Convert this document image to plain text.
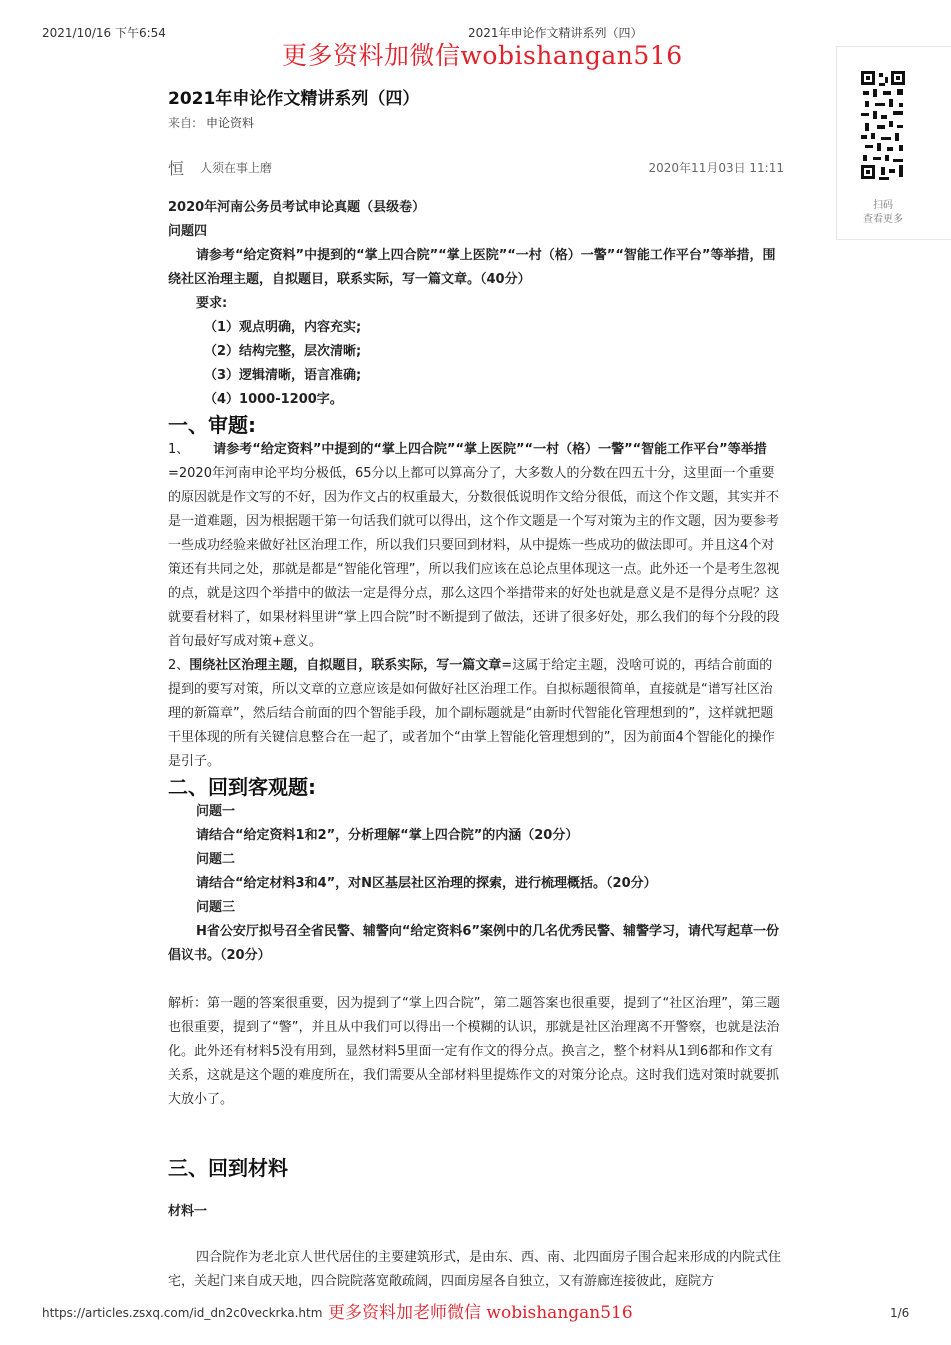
2021/10/16 下午6:54	2021年申论作文精讲系列（四）
更多资料加微信wobishangan516
2021年申论作文精讲系列（四）
来自: 申论资料
恒 人须在事上磨	2020年11月03日 11:11

2020年河南公务员考试申论真题（县级卷）

问题四

请参考“给定资料”中提到的“掌上四合院”“掌上医院”“一村（格）一警”“智能工作平台”等举措，围绕社区治理主题，自拟题目，联系实际，写一篇文章。（40分）

要求:

（1）观点明确，内容充实;

（2）结构完整，层次清晰;

（3）逻辑清晰，语言准确;

（4）1000-1200字。

一、审题:

1、 请参考“给定资料”中提到的“掌上四合院”“掌上医院”“一村（格）一警”“智能工作平台”等举措=2020年河南申论平均分极低，65分以上都可以算高分了，大多数人的分数在四五十分，这里面一个重要的原因就是作文写的不好，因为作文占的权重最大，分数很低说明作文给分很低，而这个作文题，其实并不是一道难题，因为根据题干第一句话我们就可以得出，这个作文题是一个写对策为主的作文题，因为要参考一些成功经验来做好社区治理工作，所以我们只要回到材料，从中提炼一些成功的做法即可。并且这4个对策还有共同之处，那就是都是“智能化管理”，所以我们应该在总论点里体现这一点。此外还一个是考生忽视的点，就是这四个举措中的做法一定是得分点，那么这四个举措带来的好处也就是意义是不是得分点呢？这就要看材料了，如果材料里讲“掌上四合院”时不断提到了做法，还讲了很多好处，那么我们的每个分段的段首句最好写成对策+意义。

2、围绕社区治理主题，自拟题目，联系实际，写一篇文章=这属于给定主题，没啥可说的，再结合前面的提到的要写对策，所以文章的立意应该是如何做好社区治理工作。自拟标题很简单，直接就是“谱写社区治理的新篇章”，然后结合前面的四个智能手段，加个副标题就是“由新时代智能化管理想到的”，这样就把题干里体现的所有关键信息整合在一起了，或者加个“由掌上智能化管理想到的”，因为前面4个智能化的操作是引子。

二、回到客观题:

问题一

请结合“给定资料1和2”，分析理解“掌上四合院”的内涵（20分）

问题二

请结合“给定材料3和4”，对N区基层社区治理的探索，进行梳理概括。（20分）

问题三

H省公安厅拟号召全省民警、辅警向“给定资料6”案例中的几名优秀民警、辅警学习，请代写起草一份倡议书。（20分）

解析：第一题的答案很重要，因为提到了“掌上四合院”，第二题答案也很重要，提到了“社区治理”，第三题也很重要，提到了“警”，并且从中我们可以得出一个模糊的认识，那就是社区治理离不开警察，也就是法治化。此外还有材料5没有用到，显然材料5里面一定有作文的得分点。换言之，整个材料从1到6都和作文有关系，这就是这个题的难度所在，我们需要从全部材料里提炼作文的对策分论点。这时我们选对策时就要抓大放小了。

三、回到材料

材料一

四合院作为老北京人世代居住的主要建筑形式，是由东、西、南、北四面房子围合起来形成的内院式住宅，关起门来自成天地，四合院院落宽敞疏阔，四面房屋各自独立，又有游廊连接彼此，庭院方

扫码
查看更多
https://articles.zsxq.com/id_dn2c0veckrka.htm 更多资料加老师微信 wobishangan516	1/6
